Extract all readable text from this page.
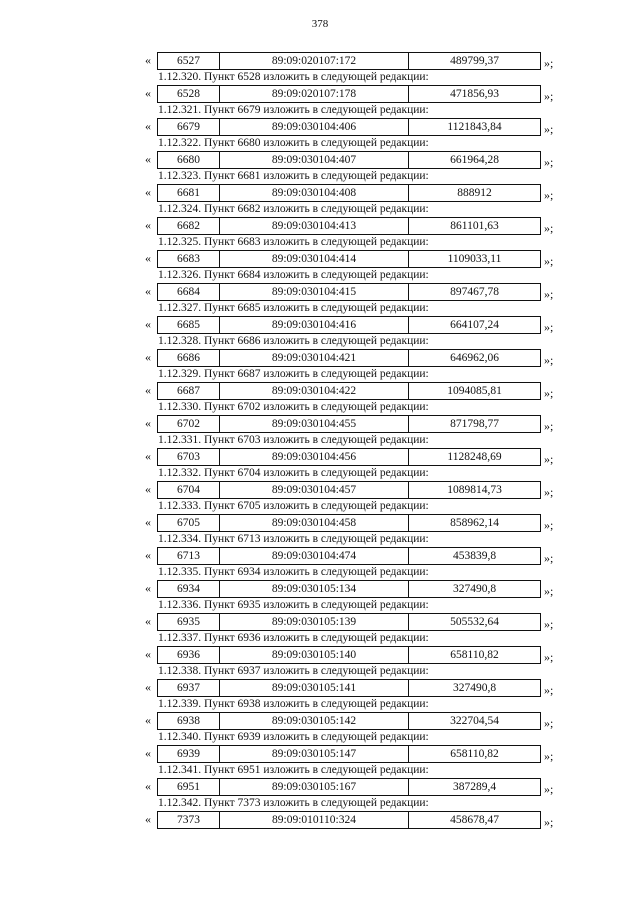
378
«	6527	89:09:020107:172	489799,37	»;
1.12.320. Пункт 6528 изложить в следующей редакции:
«	6528	89:09:020107:178	471856,93	»;
1.12.321. Пункт 6679 изложить в следующей редакции:
«	6679	89:09:030104:406	1121843,84	»;
1.12.322. Пункт 6680 изложить в следующей редакции:
«	6680	89:09:030104:407	661964,28	»;
1.12.323. Пункт 6681 изложить в следующей редакции:
«	6681	89:09:030104:408	888912	»;
1.12.324. Пункт 6682 изложить в следующей редакции:
«	6682	89:09:030104:413	861101,63	»;
1.12.325. Пункт 6683 изложить в следующей редакции:
«	6683	89:09:030104:414	1109033,11	»;
1.12.326. Пункт 6684 изложить в следующей редакции:
«	6684	89:09:030104:415	897467,78	»;
1.12.327. Пункт 6685 изложить в следующей редакции:
«	6685	89:09:030104:416	664107,24	»;
1.12.328. Пункт 6686 изложить в следующей редакции:
«	6686	89:09:030104:421	646962,06	»;
1.12.329. Пункт 6687 изложить в следующей редакции:
«	6687	89:09:030104:422	1094085,81	»;
1.12.330. Пункт 6702 изложить в следующей редакции:
«	6702	89:09:030104:455	871798,77	»;
1.12.331. Пункт 6703 изложить в следующей редакции:
«	6703	89:09:030104:456	1128248,69	»;
1.12.332. Пункт 6704 изложить в следующей редакции:
«	6704	89:09:030104:457	1089814,73	»;
1.12.333. Пункт 6705 изложить в следующей редакции:
«	6705	89:09:030104:458	858962,14	»;
1.12.334. Пункт 6713 изложить в следующей редакции:
«	6713	89:09:030104:474	453839,8	»;
1.12.335. Пункт 6934 изложить в следующей редакции:
«	6934	89:09:030105:134	327490,8	»;
1.12.336. Пункт 6935 изложить в следующей редакции:
«	6935	89:09:030105:139	505532,64	»;
1.12.337. Пункт 6936 изложить в следующей редакции:
«	6936	89:09:030105:140	658110,82	»;
1.12.338. Пункт 6937 изложить в следующей редакции:
«	6937	89:09:030105:141	327490,8	»;
1.12.339. Пункт 6938 изложить в следующей редакции:
«	6938	89:09:030105:142	322704,54	»;
1.12.340. Пункт 6939 изложить в следующей редакции:
«	6939	89:09:030105:147	658110,82	»;
1.12.341. Пункт 6951 изложить в следующей редакции:
«	6951	89:09:030105:167	387289,4	»;
1.12.342. Пункт 7373 изложить в следующей редакции:
«	7373	89:09:010110:324	458678,47	»;
